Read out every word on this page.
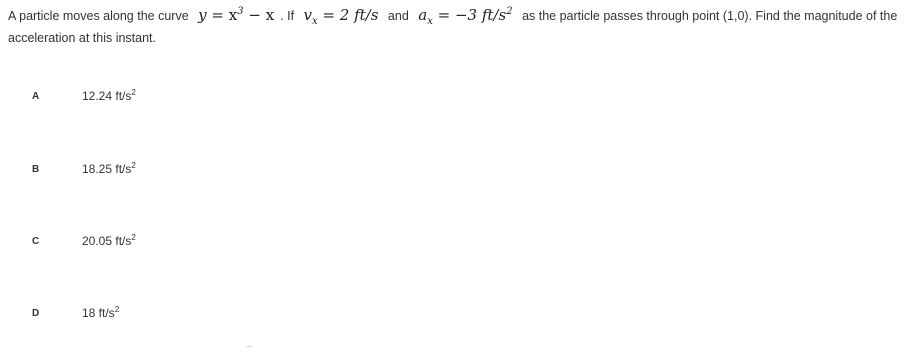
A particle moves along the curve $y = x^3 - x$ . If $v_x = 2$ ft/s and $a_x = -3$ $ft/s^2$ as the particle passes through point (1,0). Find the magnitude of the acceleration at this instant.
A	12.24 $ft/s^2$
B	18.25 $ft/s^2$
C	20.05 $ft/s^2$
D	18 $ft/s^2$
